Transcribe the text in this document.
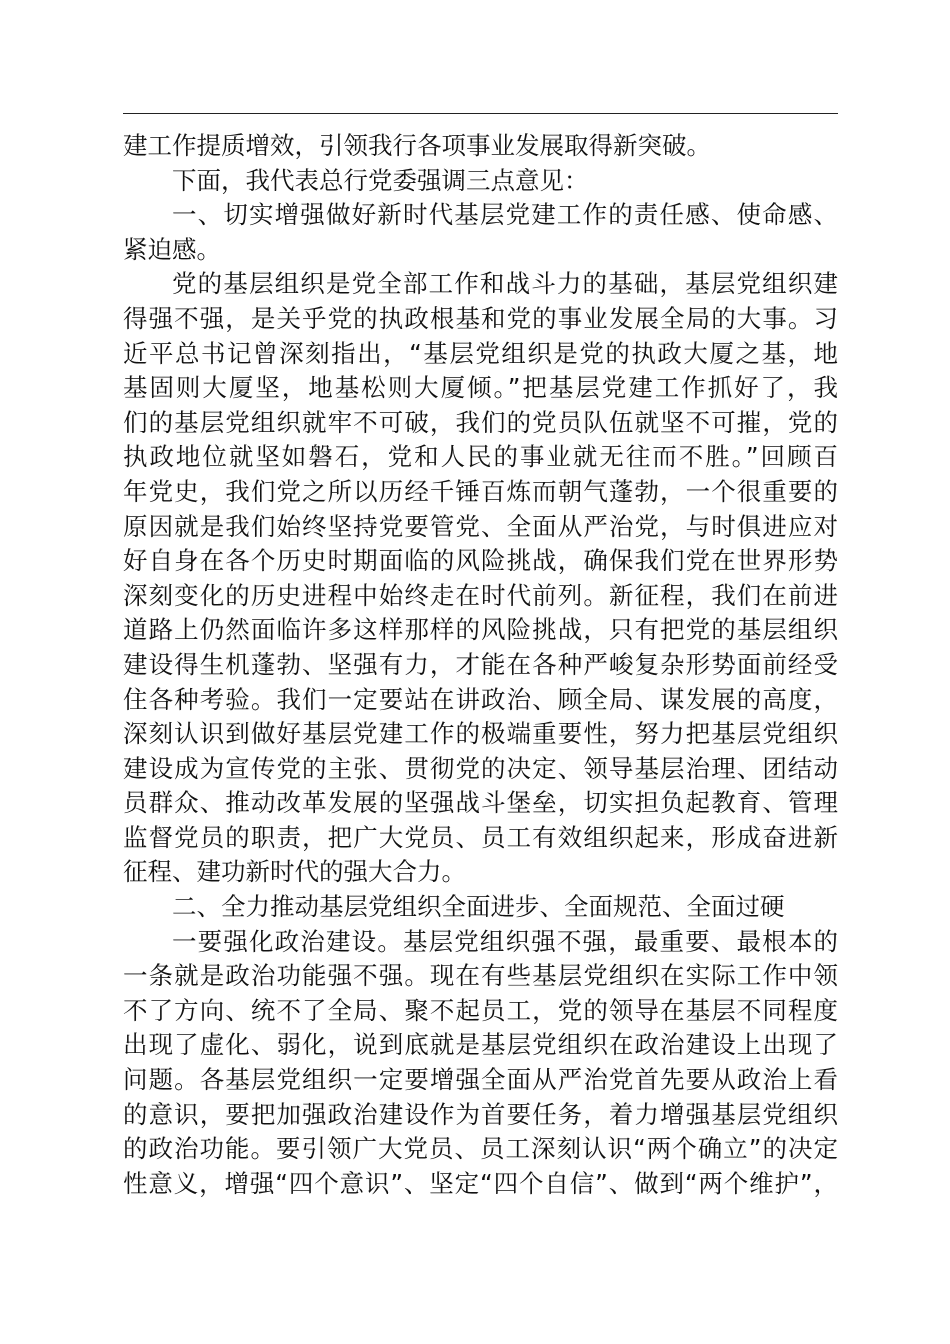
建工作提质增效，引领我行各项事业发展取得新突破。
下面，我代表总行党委强调三点意见：
一、切实增强做好新时代基层党建工作的责任感、使命感、
紧迫感。
党的基层组织是党全部工作和战斗力的基础，基层党组织建
得强不强，是关乎党的执政根基和党的事业发展全局的大事。习
近平总书记曾深刻指出，“基层党组织是党的执政大厦之基，地
基固则大厦坚，地基松则大厦倾。”把基层党建工作抓好了，我
们的基层党组织就牢不可破，我们的党员队伍就坚不可摧，党的
执政地位就坚如磐石，党和人民的事业就无往而不胜。”回顾百
年党史，我们党之所以历经千锤百炼而朝气蓬勃，一个很重要的
原因就是我们始终坚持党要管党、全面从严治党，与时俱进应对
好自身在各个历史时期面临的风险挑战，确保我们党在世界形势
深刻变化的历史进程中始终走在时代前列。新征程，我们在前进
道路上仍然面临许多这样那样的风险挑战，只有把党的基层组织
建设得生机蓬勃、坚强有力，才能在各种严峻复杂形势面前经受
住各种考验。我们一定要站在讲政治、顾全局、谋发展的高度，
深刻认识到做好基层党建工作的极端重要性，努力把基层党组织
建设成为宣传党的主张、贯彻党的决定、领导基层治理、团结动
员群众、推动改革发展的坚强战斗堡垒，切实担负起教育、管理
监督党员的职责，把广大党员、员工有效组织起来，形成奋进新
征程、建功新时代的强大合力。
二、全力推动基层党组织全面进步、全面规范、全面过硬
一要强化政治建设。基层党组织强不强，最重要、最根本的
一条就是政治功能强不强。现在有些基层党组织在实际工作中领
不了方向、统不了全局、聚不起员工，党的领导在基层不同程度
出现了虚化、弱化，说到底就是基层党组织在政治建设上出现了
问题。各基层党组织一定要增强全面从严治党首先要从政治上看
的意识，要把加强政治建设作为首要任务，着力增强基层党组织
的政治功能。要引领广大党员、员工深刻认识“两个确立”的决定
性意义，增强“四个意识”、坚定“四个自信”、做到“两个维护”，
